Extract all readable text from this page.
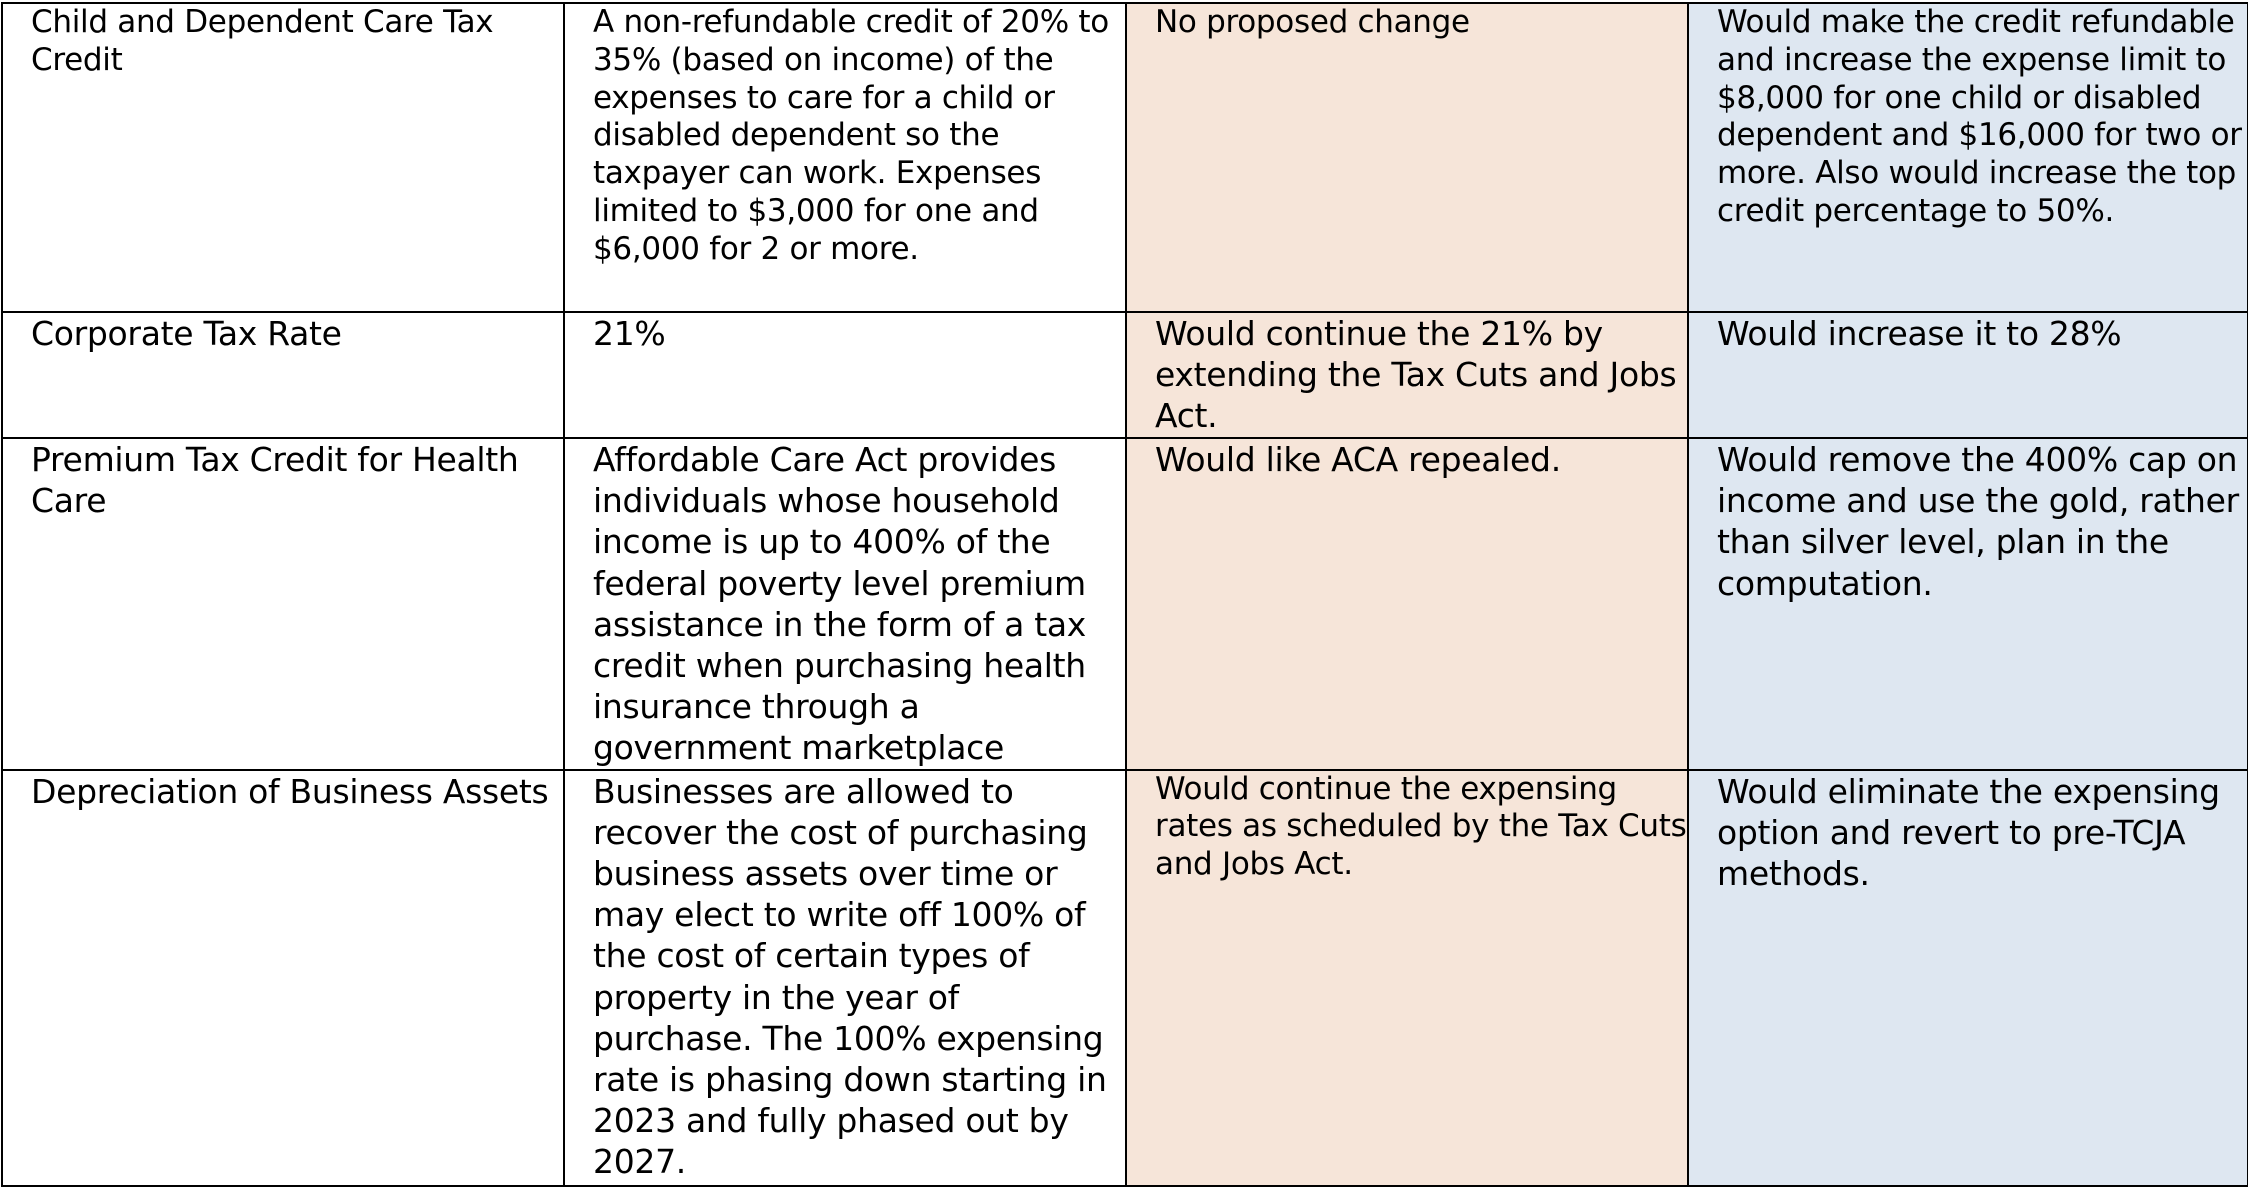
Child and Dependent Care Tax Credit	A non-refundable credit of 20% to 35% (based on income) of the expenses to care for a child or disabled dependent so the taxpayer can work. Expenses limited to $3,000 for one and $6,000 for 2 or more.	No proposed change	Would make the credit refundable and increase the expense limit to $8,000 for one child or disabled dependent and $16,000 for two or more. Also would increase the top credit percentage to 50%.

Corporate Tax Rate	21%	Would continue the 21% by extending the Tax Cuts and Jobs Act.	Would increase it to 28%

Premium Tax Credit for Health Care	Affordable Care Act provides individuals whose household income is up to 400% of the federal poverty level premium assistance in the form of a tax credit when purchasing health insurance through a government marketplace	Would like ACA repealed.	Would remove the 400% cap on income and use the gold, rather than silver level, plan in the computation.

Depreciation of Business Assets	Businesses are allowed to recover the cost of purchasing business assets over time or may elect to write off 100% of the cost of certain types of property in the year of purchase. The 100% expensing rate is phasing down starting in 2023 and fully phased out by 2027.	Would continue the expensing rates as scheduled by the Tax Cuts and Jobs Act.	Would eliminate the expensing option and revert to pre-TCJA methods.
